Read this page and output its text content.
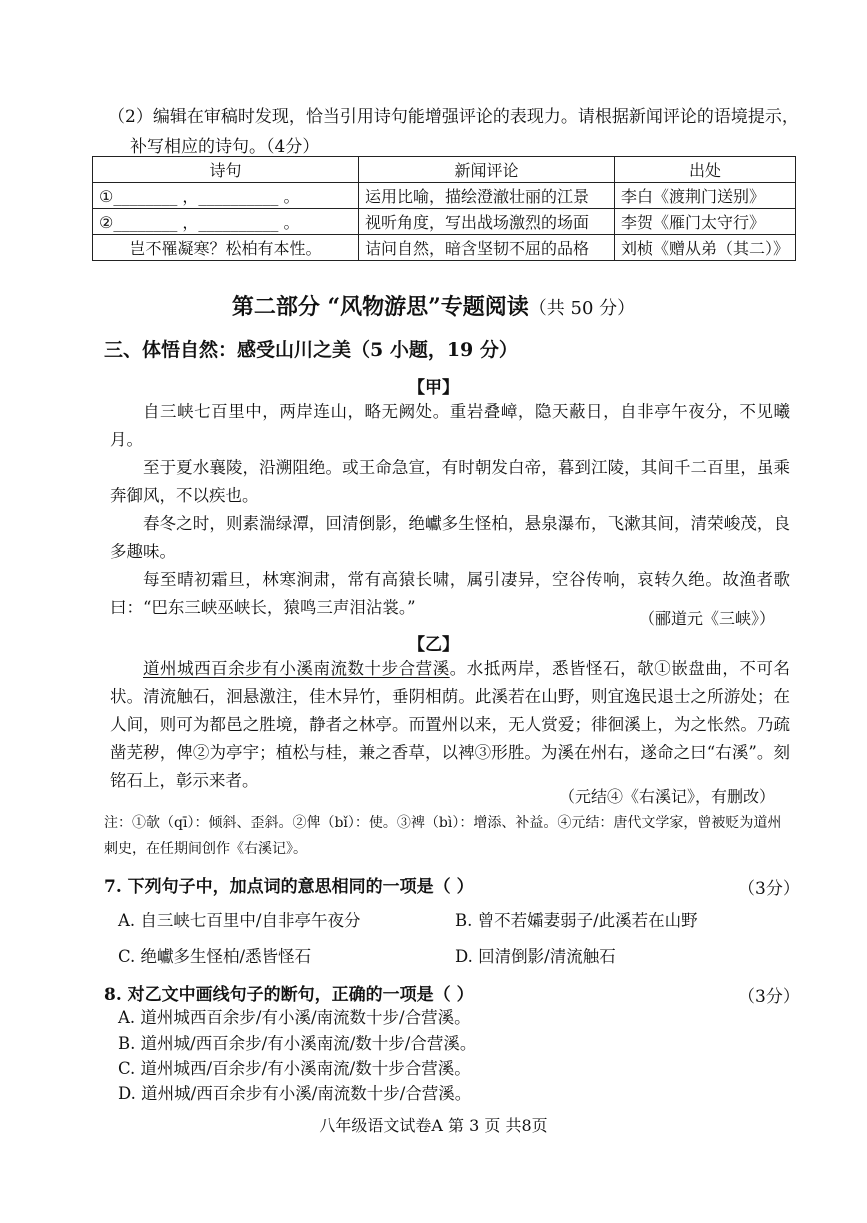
（2）编辑在审稿时发现，恰当引用诗句能增强评论的表现力。请根据新闻评论的语境提示，
补写相应的诗句。（4分）
诗句	新闻评论	出处
①________ ，__________ 。	运用比喻，描绘澄澈壮丽的江景	李白《渡荆门送别》
②________ ，__________ 。	视听角度，写出战场激烈的场面	李贺《雁门太守行》
岂不罹凝寒？松柏有本性。	诘问自然，暗含坚韧不屈的品格	刘桢《赠从弟（其二）》
第二部分 “风物游思”专题阅读（共 50 分）
三、体悟自然：感受山川之美（5 小题，19 分）
【甲】

自三峡七百里中，两岸连山，略无阙处。重岩叠嶂，隐天蔽日，自非亭午夜分，不见曦月。

至于夏水襄陵，沿溯阻绝。或王命急宣，有时朝发白帝，暮到江陵，其间千二百里，虽乘奔御风，不以疾也。

春冬之时，则素湍绿潭，回清倒影，绝巘多生怪柏，悬泉瀑布，飞漱其间，清荣峻茂，良多趣味。

每至晴初霜旦，林寒涧肃，常有高猿长啸，属引凄异，空谷传响，哀转久绝。故渔者歌曰：“巴东三峡巫峡长，猿鸣三声泪沾裳。”

（郦道元《三峡》）
【乙】

道州城西百余步有小溪南流数十步合营溪。水抵两岸，悉皆怪石，欹①嵌盘曲，不可名状。清流触石，洄悬激注，佳木异竹，垂阴相荫。此溪若在山野，则宜逸民退士之所游处；在人间，则可为都邑之胜境，静者之林亭。而置州以来，无人赏爱；徘徊溪上，为之怅然。乃疏凿芜秽，俾②为亭宇；植松与桂，兼之香草，以裨③形胜。为溪在州右，遂命之曰“右溪”。刻铭石上，彰示来者。

（元结④《右溪记》，有删改）
注：①欹（qī）：倾斜、歪斜。②俾（bǐ）：使。③裨（bì）：增添、补益。④元结：唐代文学家，曾被贬为道州刺史，在任期间创作《右溪记》。
7. 下列句子中，加点词的意思相同的一项是（ ）	（3分）
A. 自三峡七百里中/自非亭午夜分	B. 曾不若孀妻弱子/此溪若在山野
C. 绝巘多生怪柏/悉皆怪石	D. 回清倒影/清流触石
8. 对乙文中画线句子的断句，正确的一项是（ ）	（3分）
A. 道州城西百余步/有小溪/南流数十步/合营溪。
B. 道州城/西百余步/有小溪南流/数十步/合营溪。
C. 道州城西/百余步/有小溪南流/数十步合营溪。
D. 道州城/西百余步有小溪/南流数十步/合营溪。
八年级语文试卷A 第 3 页 共8页
